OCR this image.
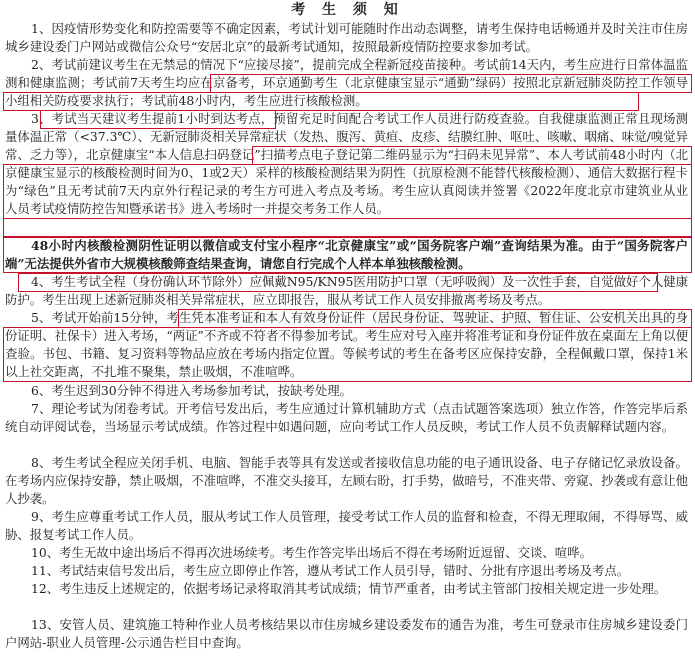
考 生 须 知
1、因疫情形势变化和防控需要等不确定因素，考试计划可能随时作出动态调整，请考生保持电话畅通并及时关注市住房城乡建设委门户网站或微信公众号“安居北京”的最新考试通知，按照最新疫情防控要求参加考试。
2、考试前建议考生在无禁忌的情况下“应接尽接”，提前完成全程新冠疫苗接种。考试前14天内，考生应进行日常体温监测和健康监测；考试前7天考生均应在京备考，环京通勤考生（北京健康宝显示“通勤”绿码）按照北京新冠肺炎防控工作领导小组相关防疫要求执行；考试前48小时内，考生应进行核酸检测。
3、考试当天建议考生提前1小时到达考点，预留充足时间配合考试工作人员进行防疫查验。自我健康监测正常且现场测量体温正常（<37.3℃）、无新冠肺炎相关异常症状（发热、腹泻、黄疸、皮疹、结膜红肿、呕吐、咳嗽、咽痛、味觉/嗅觉异常、乏力等），北京健康宝“本人信息扫码登记”扫描考点电子登记第二维码显示为“扫码未见异常”、本人考试前48小时内（北京健康宝显示的核酸检测时间为0、1或2天）采样的核酸检测结果为阴性（抗原检测不能替代核酸检测）、通信大数据行程卡为“绿色”且无考试前7天内京外行程记录的考生方可进入考点及考场。考生应认真阅读并签署《2022年度北京市建筑业从业人员考试疫情防控告知暨承诺书》进入考场时一并提交考务工作人员。
48小时内核酸检测阴性证明以微信或支付宝小程序“北京健康宝”或“国务院客户端”查询结果为准。由于“国务院客户端”无法提供外省市大规模核酸筛查结果查询，请您自行完成个人样本单独核酸检测。
4、考生考试全程（身份确认环节除外）应佩戴N95/KN95医用防护口罩（无呼吸阀）及一次性手套，自觉做好个人健康防护。考生出现上述新冠肺炎相关异常症状，应立即报告，服从考试工作人员安排撤离考场及考点。
5、考试开始前15分钟，考生凭本准考证和本人有效身份证件（居民身份证、驾驶证、护照、暂住证、公安机关出具的身份证明、社保卡）进入考场，“两证”不齐或不符者不得参加考试。考生应对号入座并将准考证和身份证件放在桌面左上角以便查验。书包、书籍、复习资料等物品应放在考场内指定位置。等候考试的考生在备考区应保持安静，全程佩戴口罩，保持1米以上社交距离，不扎堆不聚集，禁止吸烟，不准喧哗。
6、考生迟到30分钟不得进入考场参加考试，按缺考处理。
7、理论考试为闭卷考试。开考信号发出后，考生应通过计算机辅助方式（点击试题答案选项）独立作答，作答完毕后系统自动评阅试卷，当场显示考试成绩。作答过程中如遇问题，应向考试工作人员反映，考试工作人员不负责解释试题内容。
8、考生考试全程应关闭手机、电脑、智能手表等具有发送或者接收信息功能的电子通讯设备、电子存储记忆录放设备。在考场内应保持安静，禁止吸烟，不准喧哗，不准交头接耳，左顾右盼，打手势，做暗号，不准夹带、旁窥、抄袭或有意让他人抄袭。
9、考生应尊重考试工作人员，服从考试工作人员管理，接受考试工作人员的监督和检查，不得无理取闹，不得辱骂、威胁、报复考试工作人员。
10、考生无故中途出场后不得再次进场续考。考生作答完毕出场后不得在考场附近逗留、交谈、喧哗。
11、考试结束信号发出后，考生应立即停止作答，遵从考试工作人员引导，错时、分批有序退出考场及考点。
12、考生违反上述规定的，依据考场记录将取消其考试成绩；情节严重者，由考试主管部门按相关规定进一步处理。
13、安管人员、建筑施工特种作业人员考核结果以市住房城乡建设委发布的通告为准，考生可登录市住房城乡建设委门户网站-职业人员管理-公示通告栏目中查询。
